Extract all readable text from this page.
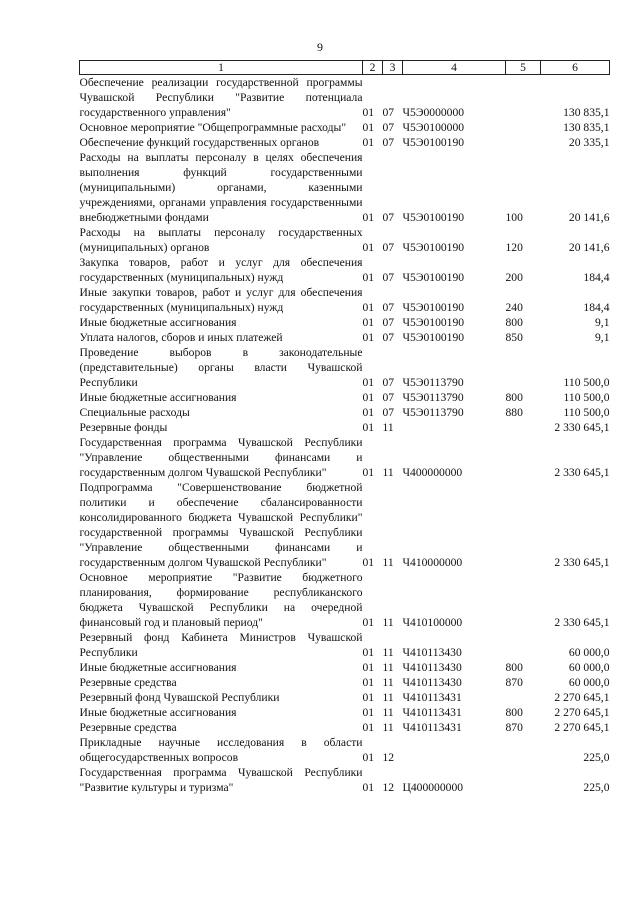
9
1	2	3	4	5	6
Обеспечение реализации государственной программы Чувашской Республики "Развитие потенциала государственного управления"	01	07	Ч5Э0000000		130 835,1
Основное мероприятие "Общепрограммные расходы"	01	07	Ч5Э0100000		130 835,1
Обеспечение функций государственных органов	01	07	Ч5Э0100190		20 335,1
Расходы на выплаты персоналу в целях обеспечения выполнения функций государственными (муниципальными) органами, казенными учреждениями, органами управления государственными внебюджетными фондами	01	07	Ч5Э0100190	100	20 141,6
Расходы на выплаты персоналу государственных (муниципальных) органов	01	07	Ч5Э0100190	120	20 141,6
Закупка товаров, работ и услуг для обеспечения государственных (муниципальных) нужд	01	07	Ч5Э0100190	200	184,4
Иные закупки товаров, работ и услуг для обеспечения государственных (муниципальных) нужд	01	07	Ч5Э0100190	240	184,4
Иные бюджетные ассигнования	01	07	Ч5Э0100190	800	9,1
Уплата налогов, сборов и иных платежей	01	07	Ч5Э0100190	850	9,1
Проведение выборов в законодательные (представительные) органы власти Чувашской Республики	01	07	Ч5Э0113790		110 500,0
Иные бюджетные ассигнования	01	07	Ч5Э0113790	800	110 500,0
Специальные расходы	01	07	Ч5Э0113790	880	110 500,0
Резервные фонды	01	11			2 330 645,1
Государственная программа Чувашской Республики "Управление общественными финансами и государственным долгом Чувашской Республики"	01	11	Ч400000000		2 330 645,1
Подпрограмма "Совершенствование бюджетной политики и обеспечение сбалансированности консолидированного бюджета Чувашской Республики" государственной программы Чувашской Республики "Управление общественными финансами и государственным долгом Чувашской Республики"	01	11	Ч410000000		2 330 645,1
Основное мероприятие "Развитие бюджетного планирования, формирование республиканского бюджета Чувашской Республики на очередной финансовый год и плановый период"	01	11	Ч410100000		2 330 645,1
Резервный фонд Кабинета Министров Чувашской Республики	01	11	Ч410113430		60 000,0
Иные бюджетные ассигнования	01	11	Ч410113430	800	60 000,0
Резервные средства	01	11	Ч410113430	870	60 000,0
Резервный фонд Чувашской Республики	01	11	Ч410113431		2 270 645,1
Иные бюджетные ассигнования	01	11	Ч410113431	800	2 270 645,1
Резервные средства	01	11	Ч410113431	870	2 270 645,1
Прикладные научные исследования в области общегосударственных вопросов	01	12			225,0
Государственная программа Чувашской Республики "Развитие культуры и туризма"	01	12	Ц400000000		225,0
